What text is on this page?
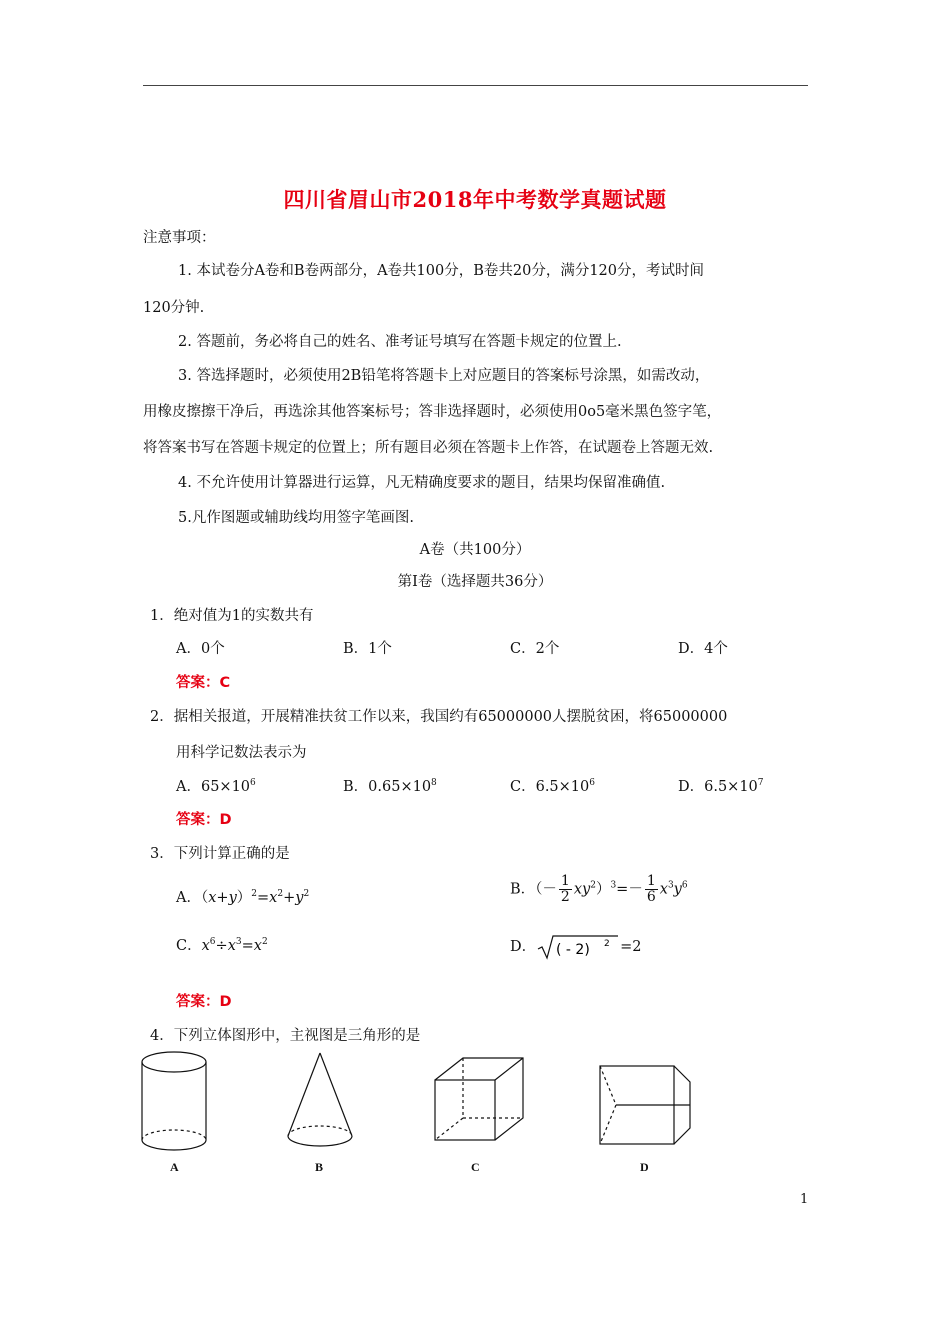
四川省眉山市2018年中考数学真题试题
注意事项：
1. 本试卷分A卷和B卷两部分，A卷共100分，B卷共20分，满分120分，考试时间
120分钟.
2. 答题前，务必将自己的姓名、准考证号填写在答题卡规定的位置上.
3. 答选择题时，必须使用2B铅笔将答题卡上对应题目的答案标号涂黑，如需改动，
用橡皮擦擦干净后，再选涂其他答案标号；答非选择题时，必须使用0o5毫米黑色签字笔，
将答案书写在答题卡规定的位置上；所有题目必须在答题卡上作答，在试题卷上答题无效.
4. 不允许使用计算器进行运算，凡无精确度要求的题目，结果均保留准确值.
5.凡作图题或辅助线均用签字笔画图.
A卷（共100分）
第Ⅰ卷（选择题共36分）
1．绝对值为1的实数共有
A．0个	B．1个	C．2个	D．4个
答案：C
2．据相关报道，开展精准扶贫工作以来，我国约有65000000人摆脱贫困，将65000000
用科学记数法表示为
A．$65\times 10^6$	B．$0.65\times 10^8$	C．$6.5\times 10^6$	D．$6.5\times 10^7$
答案：D
3．下列计算正确的是
A．$(x+y)^2=x^2+y^2$	B．（－ $\frac{1}{2} xy^2)^3=- \frac{1}{6} x^3y^6$
C．$x^6\div x^3=x^2$	D． ( - 2) 2 =2
答案：D
4．下列立体图形中，主视图是三角形的是
A	B	C	D
1
